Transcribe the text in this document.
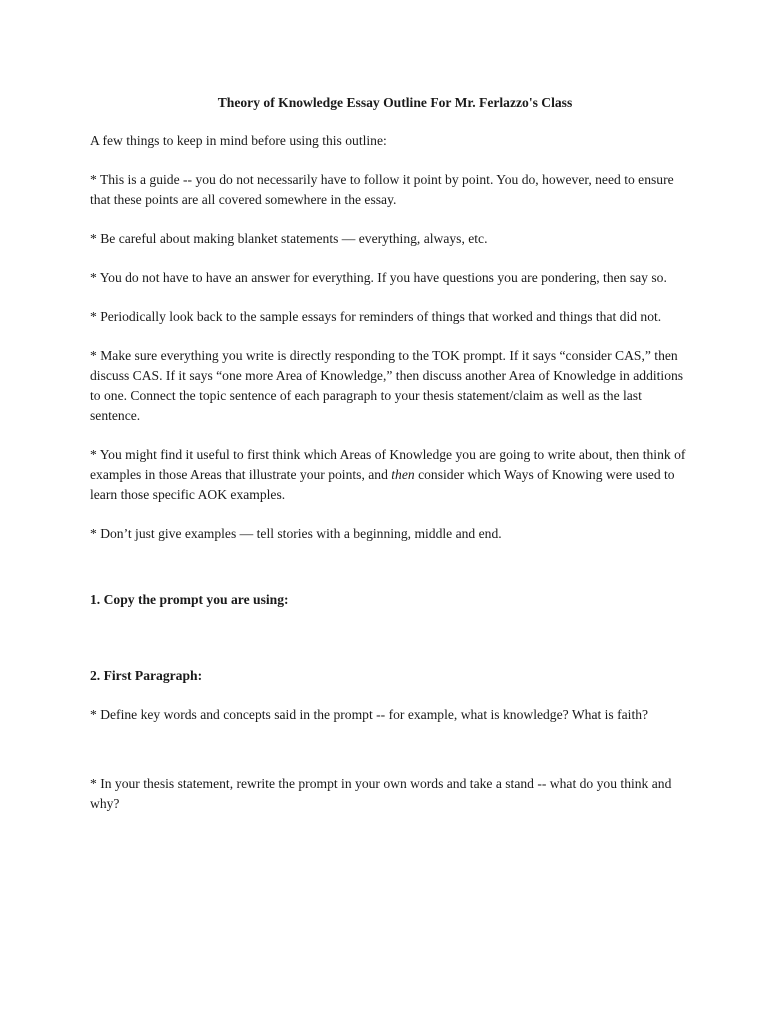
Theory of Knowledge Essay Outline For Mr. Ferlazzo's Class

A few things to keep in mind before using this outline:

* This is a guide -- you do not necessarily have to follow it point by point. You do, however, need to ensure that these points are all covered somewhere in the essay.

* Be careful about making blanket statements — everything, always, etc.

* You do not have to have an answer for everything. If you have questions you are pondering, then say so.

* Periodically look back to the sample essays for reminders of things that worked and things that did not.

* Make sure everything you write is directly responding to the TOK prompt. If it says “consider CAS,” then discuss CAS. If it says “one more Area of Knowledge,” then discuss another Area of Knowledge in additions to one. Connect the topic sentence of each paragraph to your thesis statement/claim as well as the last sentence.

* You might find it useful to first think which Areas of Knowledge you are going to write about, then think of examples in those Areas that illustrate your points, and then consider which Ways of Knowing were used to learn those specific AOK examples.

* Don’t just give examples — tell stories with a beginning, middle and end.

1. Copy the prompt you are using:
2. First Paragraph:

* Define key words and concepts said in the prompt -- for example, what is knowledge? What is faith?

* In your thesis statement, rewrite the prompt in your own words and take a stand -- what do you think and why?
